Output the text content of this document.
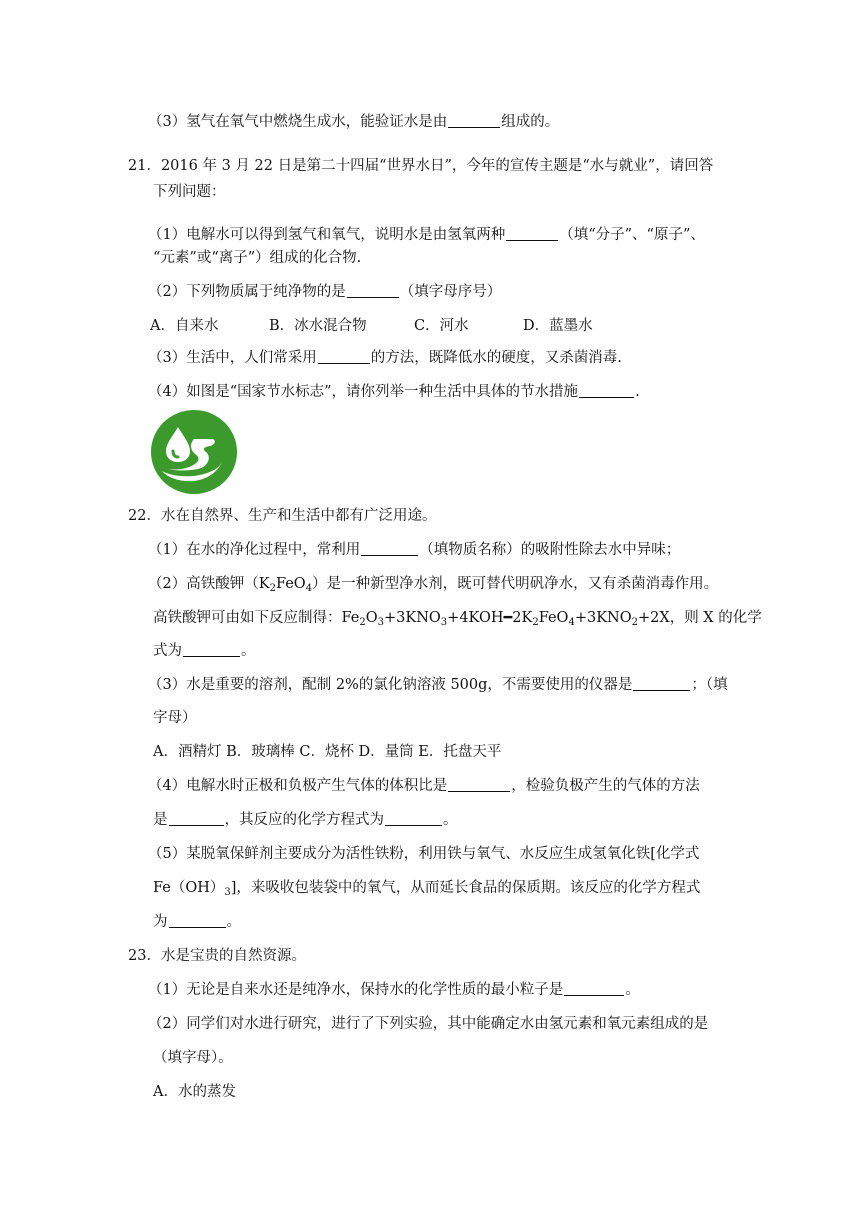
（3）氢气在氧气中燃烧生成水，能验证水是由	组成的。
21．2016 年 3 月 22 日是第二十四届“世界水日”，今年的宣传主题是“水与就业”，请回答
下列问题：
（1）电解水可以得到氢气和氧气，说明水是由氢氧两种	（填“分子”、“原子”、
“元素”或“离子”）组成的化合物.
（2）下列物质属于纯净物的是	（填字母序号）
A．自来水	B．冰水混合物	C．河水	D．蓝墨水
（3）生活中，人们常采用	的方法，既降低水的硬度，又杀菌消毒.
（4）如图是“国家节水标志”，请你列举一种生活中具体的节水措施	.
22．水在自然界、生产和生活中都有广泛用途。
（1）在水的净化过程中，常利用	（填物质名称）的吸附性除去水中异味；
（2）高铁酸钾$(K_2FeO_4)$是一种新型净水剂，既可替代明矾净水，又有杀菌消毒作用。
高铁酸钾可由如下反应制得：$Fe_2O_3+3KNO_3+4KOH━2K_2FeO_4+3KNO_2+2X$，则 X 的化学
式为	。
（3）水是重要的溶剂，配制 2%的氯化钠溶液 500g，不需要使用的仪器是	；（填
字母）
A．酒精灯 B．玻璃棒 C．烧杯 D．量筒 E．托盘天平
（4）电解水时正极和负极产生气体的体积比是	，检验负极产生的气体的方法
是	，其反应的化学方程式为	。
（5）某脱氧保鲜剂主要成分为活性铁粉，利用铁与氧气、水反应生成氢氧化铁[化学式
$Fe(OH)_3$]，来吸收包装袋中的氧气，从而延长食品的保质期。该反应的化学方程式
为	。
23．水是宝贵的自然资源。
（1）无论是自来水还是纯净水，保持水的化学性质的最小粒子是	。
（2）同学们对水进行研究，进行了下列实验，其中能确定水由氢元素和氧元素组成的是
（填字母）。
A．水的蒸发
